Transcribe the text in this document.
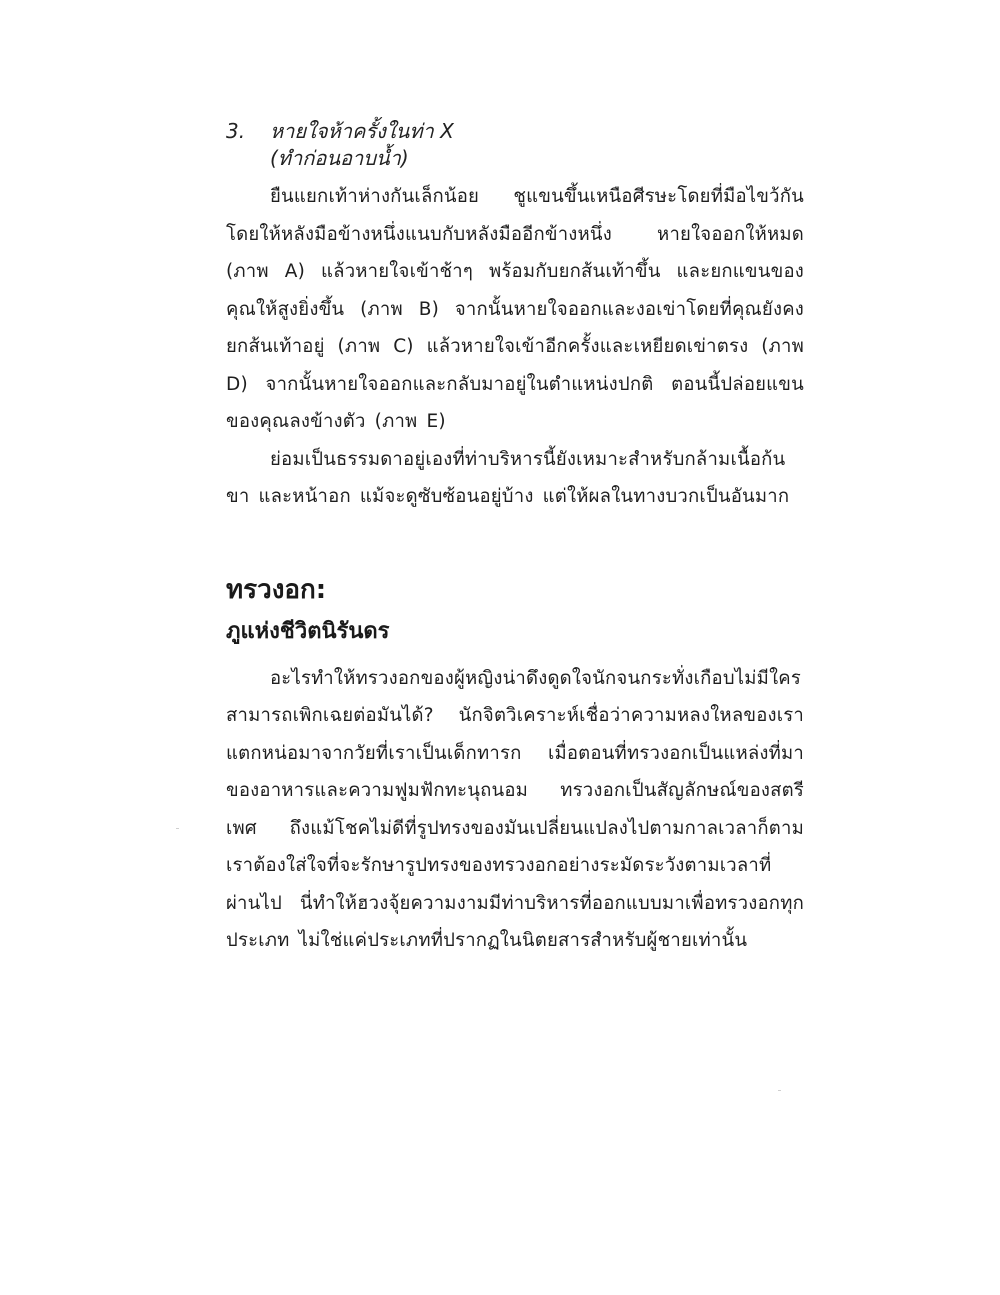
3.	หายใจห้าครั้งในท่า X
(ทำก่อนอาบน้ำ)

ยืนแยกเท้าห่างกันเล็กน้อย ชูแขนขึ้นเหนือศีรษะโดยที่มือไขว้กันโดยให้หลังมือข้างหนึ่งแนบกับหลังมืออีกข้างหนึ่ง หายใจออกให้หมด (ภาพ A) แล้วหายใจเข้าช้าๆ พร้อมกับยกส้นเท้าขึ้น และยกแขนของคุณให้สูงยิ่งขึ้น (ภาพ B) จากนั้นหายใจออกและงอเข่าโดยที่คุณยังคงยกส้นเท้าอยู่ (ภาพ C) แล้วหายใจเข้าอีกครั้งและเหยียดเข่าตรง (ภาพ D) จากนั้นหายใจออกและกลับมาอยู่ในตำแหน่งปกติ ตอนนี้ปล่อยแขนของคุณลงข้างตัว (ภาพ E)

ย่อมเป็นธรรมดาอยู่เองที่ท่าบริหารนี้ยังเหมาะสำหรับกล้ามเนื้อก้น ขา และหน้าอก แม้จะดูซับซ้อนอยู่บ้าง แต่ให้ผลในทางบวกเป็นอันมาก

ทรวงอก:
ภูแห่งชีวิตนิรันดร

อะไรทำให้ทรวงอกของผู้หญิงน่าดึงดูดใจนักจนกระทั่งเกือบไม่มีใครสามารถเพิกเฉยต่อมันได้? นักจิตวิเคราะห์เชื่อว่าความหลงใหลของเราแตกหน่อมาจากวัยที่เราเป็นเด็กทารก เมื่อตอนที่ทรวงอกเป็นแหล่งที่มาของอาหารและความฟูมฟักทะนุถนอม ทรวงอกเป็นสัญลักษณ์ของสตรีเพศ ถึงแม้โชคไม่ดีที่รูปทรงของมันเปลี่ยนแปลงไปตามกาลเวลาก็ตาม เราต้องใส่ใจที่จะรักษารูปทรงของทรวงอกอย่างระมัดระวังตามเวลาที่ผ่านไป นี่ทำให้ฮวงจุ้ยความงามมีท่าบริหารที่ออกแบบมาเพื่อทรวงอกทุกประเภท ไม่ใช่แค่ประเภทที่ปรากฏในนิตยสารสำหรับผู้ชายเท่านั้น
